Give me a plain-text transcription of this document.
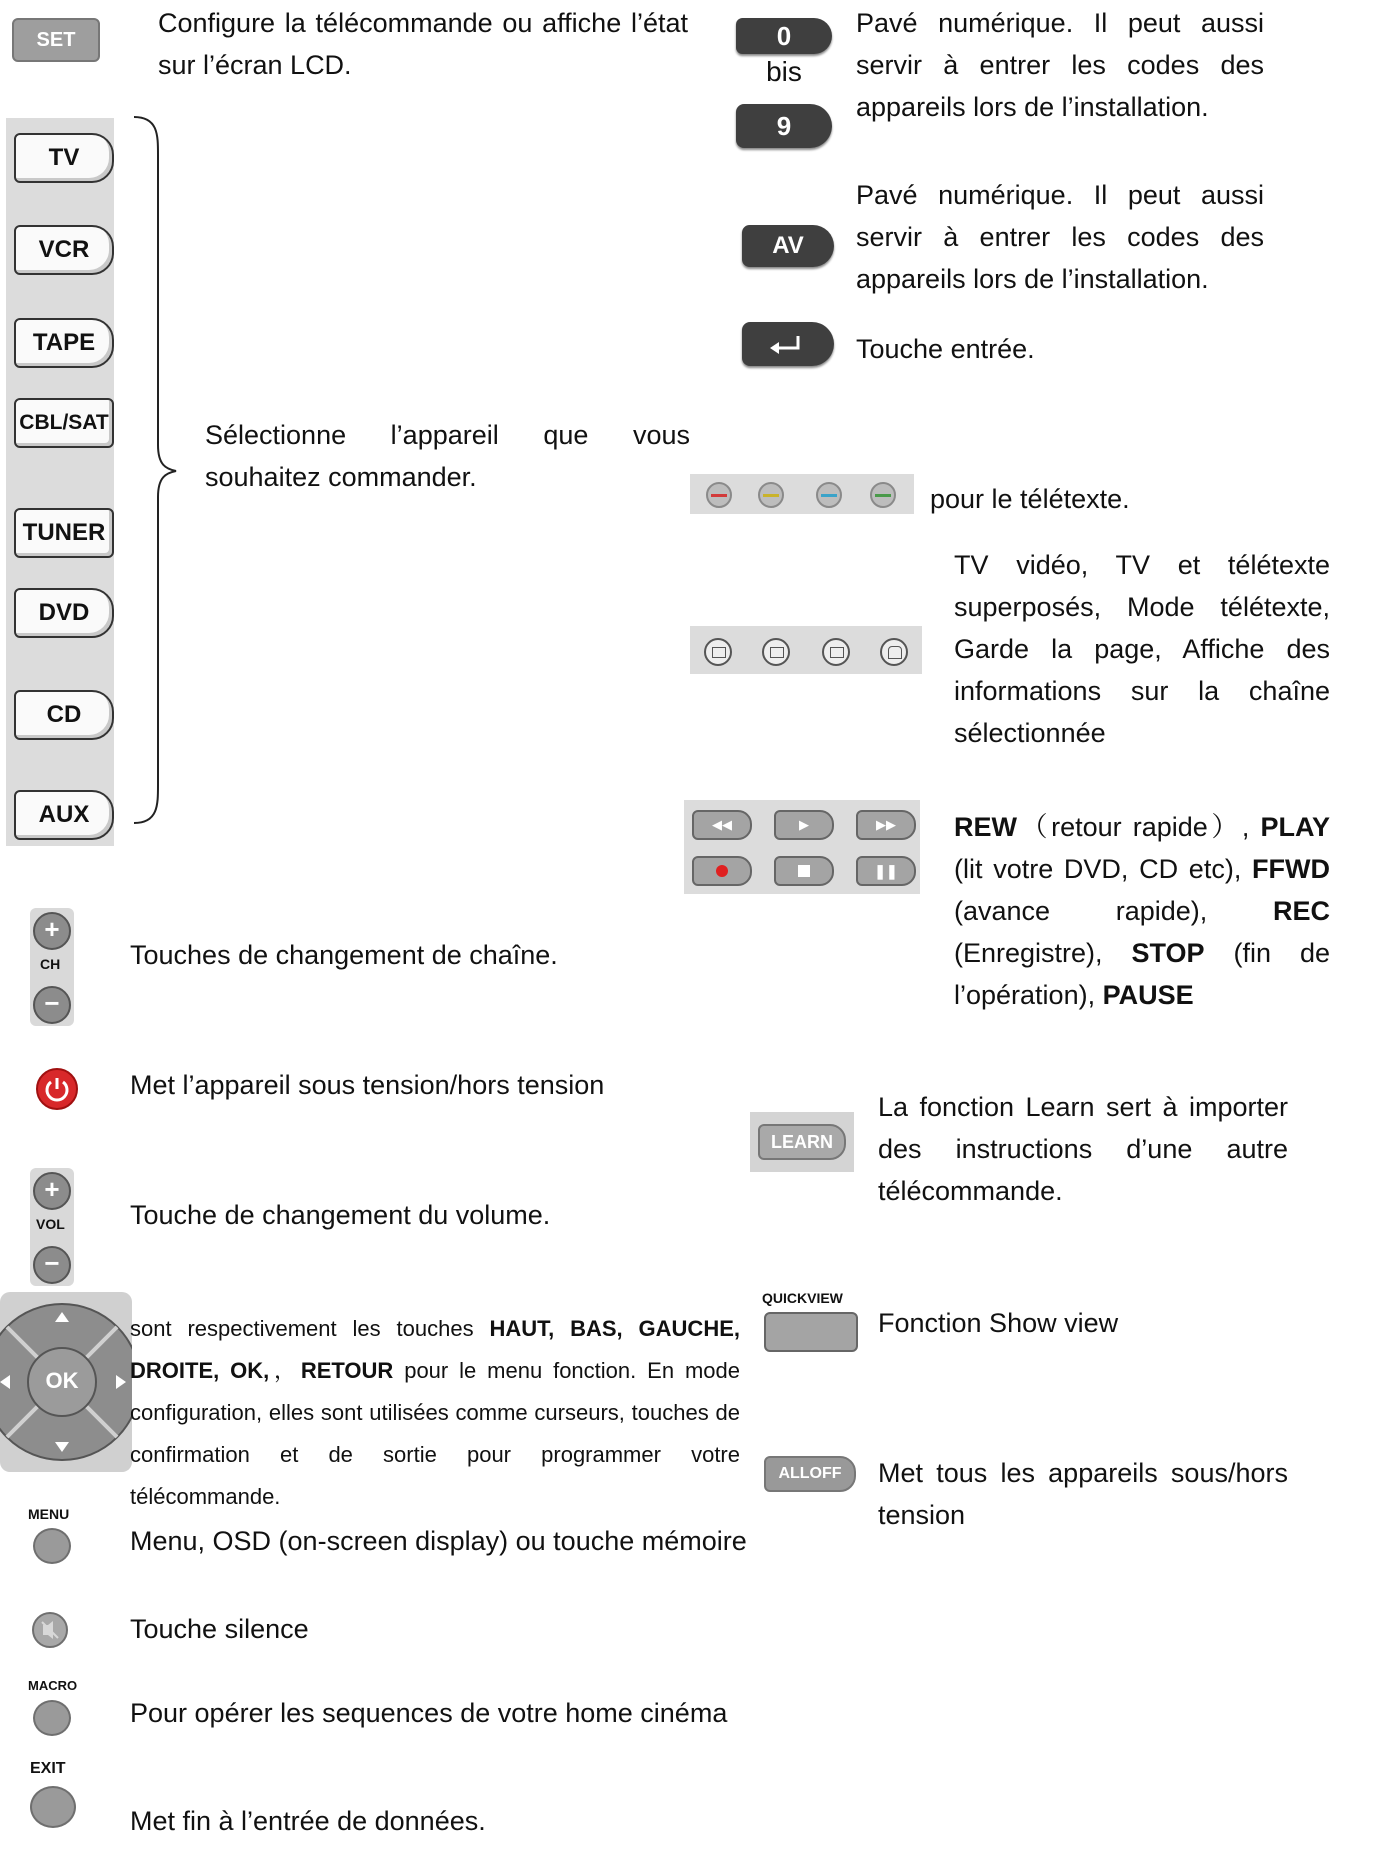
SET
Configure la télécommande ou affiche l’état sur l’écran LCD.
TV
VCR
TAPE
CBL/SAT
TUNER
DVD
CD
AUX
Sélectionne l’appareil que vous souhaitez commander.
+
CH
−
Touches de changement de chaîne.
Met l’appareil sous tension/hors tension
+
VOL
−
Touche de changement du volume.
OK
sont respectivement les touches HAUT, BAS, GAUCHE, DROITE, OK,，RETOUR pour le menu fonction. En mode configuration, elles sont utilisées comme curseurs, touches de confirmation et de sortie pour programmer votre télécommande.
MENU
Menu, OSD (on-screen display) ou touche mémoire
Touche silence
MACRO
Pour opérer les sequences de votre home cinéma
EXIT
Met fin à l’entrée de données.
0
bis
9
Pavé numérique. Il peut aussi servir à entrer les codes des appareils lors de l’installation.
AV
Pavé numérique. Il peut aussi servir à entrer les codes des appareils lors de l’installation.
Touche entrée.
pour le télétexte.
TV vidéo, TV et télétexte superposés, Mode télétexte, Garde la page, Affiche des informations sur la chaîne sélectionnée
◀◀	▶	▶▶
❚❚
REW（retour rapide）, PLAY (lit votre DVD, CD etc), FFWD (avance rapide), REC (Enregistre), STOP (fin de l’opération), PAUSE
LEARN
La fonction Learn sert à importer des instructions d’une autre télécommande.
QUICKVIEW
Fonction Show view
ALLOFF	Met tous les appareils sous/hors tension
